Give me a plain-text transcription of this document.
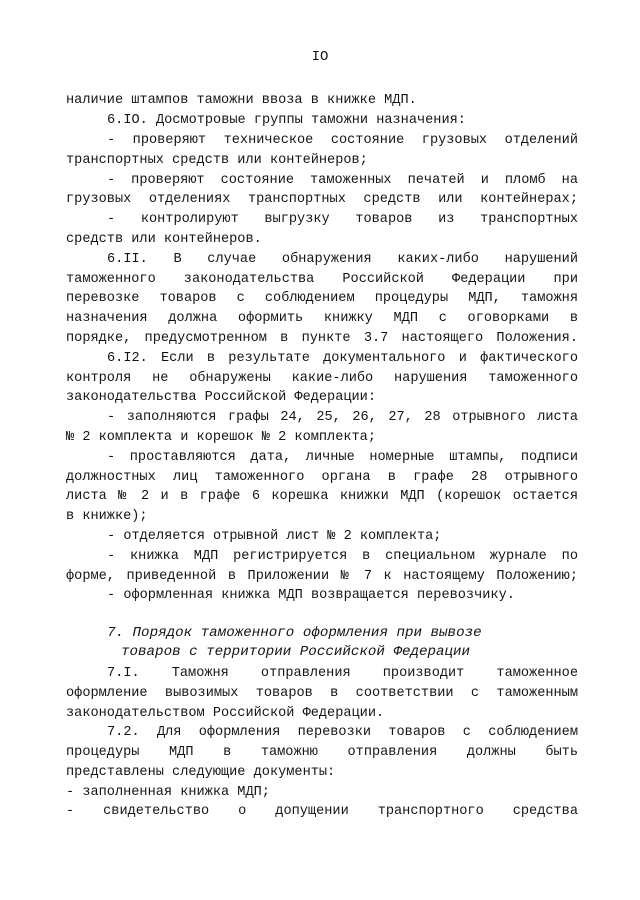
IO
наличие штампов таможни ввоза в книжке МДП.
6.IO. Досмотровые группы таможни назначения:
- проверяют техническое состояние грузовых отделений
транспортных средств или контейнеров;
- проверяют состояние таможенных печатей и пломб на
грузовых отделениях транспортных средств или контейнерах;
- контролируют выгрузку товаров из транспортных
средств или контейнеров.
6.II. В случае обнаружения каких-либо нарушений
таможенного законодательства Российской Федерации при
перевозке товаров с соблюдением процедуры МДП, таможня
назначения должна оформить книжку МДП с оговорками в
порядке, предусмотренном в пункте 3.7 настоящего Положения.
6.I2. Если в результате документального и фактического
контроля не обнаружены какие-либо нарушения таможенного
законодательства Российской Федерации:
- заполняются графы 24, 25, 26, 27, 28 отрывного листа
№ 2 комплекта и корешок № 2 комплекта;
- проставляются дата, личные номерные штампы, подписи
должностных лиц таможенного органа в графе 28 отрывного
листа № 2 и в графе 6 корешка книжки МДП (корешок остается
в книжке);
- отделяется отрывной лист № 2 комплекта;
- книжка МДП регистрируется в специальном журнале по
форме, приведенной в Приложении № 7 к настоящему Положению;
- оформленная книжка МДП возвращается перевозчику.
7. Порядок таможенного оформления при вывозе
товаров с территории Российской Федерации
7.I. Таможня отправления производит таможенное
оформление вывозимых товаров в соответствии с таможенным
законодательством Российской Федерации.
7.2. Для оформления перевозки товаров с соблюдением
процедуры МДП в таможню отправления должны быть
представлены следующие документы:
- заполненная книжка МДП;
- свидетельство о допущении транспортного средства
